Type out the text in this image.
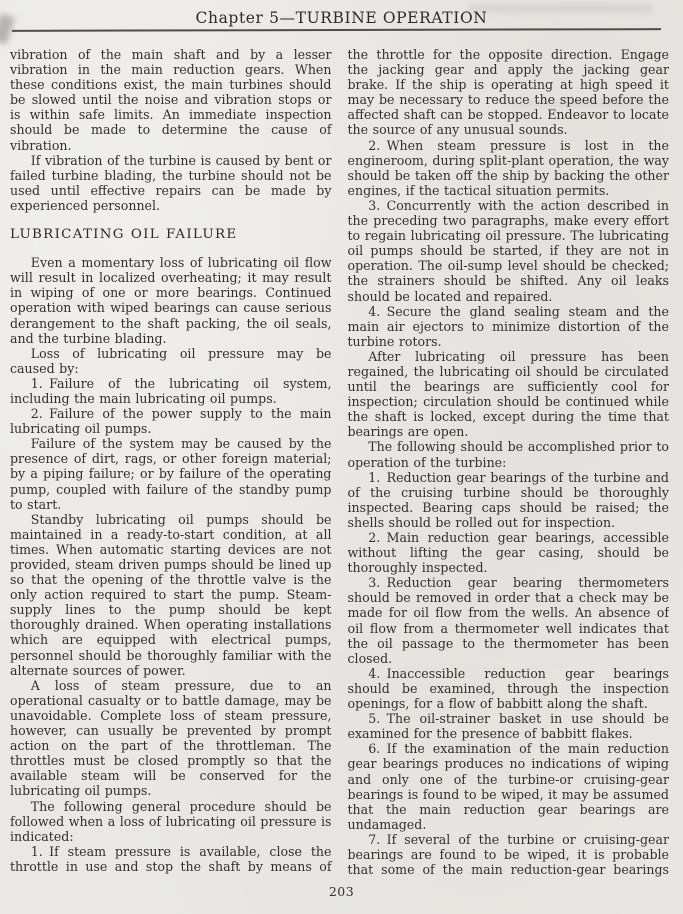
Chapter 5—TURBINE OPERATION

vibration of the main shaft and by a lesser vibration in the main reduction gears. When these conditions exist, the main turbines should be slowed until the noise and vibration stops or is within safe limits. An immediate inspection should be made to determine the cause of vibration.

If vibration of the turbine is caused by bent or failed turbine blading, the turbine should not be used until effective repairs can be made by experienced personnel.

LUBRICATING OIL FAILURE

Even a momentary loss of lubricating oil flow will result in localized overheating; it may result in wiping of one or more bearings. Continued operation with wiped bearings can cause serious derangement to the shaft packing, the oil seals, and the turbine blading.

Loss of lubricating oil pressure may be caused by:

1. Failure of the lubricating oil system, including the main lubricating oil pumps.

2. Failure of the power supply to the main lubricating oil pumps.

Failure of the system may be caused by the presence of dirt, rags, or other foreign material; by a piping failure; or by failure of the operating pump, coupled with failure of the standby pump to start.

Standby lubricating oil pumps should be maintained in a ready-to-start condition, at all times. When automatic starting devices are not provided, steam driven pumps should be lined up so that the opening of the throttle valve is the only action required to start the pump. Steam-supply lines to the pump should be kept thoroughly drained. When operating installations which are equipped with electrical pumps, personnel should be thoroughly familiar with the alternate sources of power.

A loss of steam pressure, due to an operational casualty or to battle damage, may be unavoidable. Complete loss of steam pressure, however, can usually be prevented by prompt action on the part of the throttleman. The throttles must be closed promptly so that the available steam will be conserved for the lubricating oil pumps.

The following general procedure should be followed when a loss of lubricating oil pressure is indicated:

1. If steam pressure is available, close the throttle in use and stop the shaft by means of

the throttle for the opposite direction. Engage the jacking gear and apply the jacking gear brake. If the ship is operating at high speed it may be necessary to reduce the speed before the affected shaft can be stopped. Endeavor to locate the source of any unusual sounds.

2. When steam pressure is lost in the engineroom, during split-plant operation, the way should be taken off the ship by backing the other engines, if the tactical situation permits.

3. Concurrently with the action described in the preceding two paragraphs, make every effort to regain lubricating oil pressure. The lubricating oil pumps should be started, if they are not in operation. The oil-sump level should be checked; the strainers should be shifted. Any oil leaks should be located and repaired.

4. Secure the gland sealing steam and the main air ejectors to minimize distortion of the turbine rotors.

After lubricating oil pressure has been regained, the lubricating oil should be circulated until the bearings are sufficiently cool for inspection; circulation should be continued while the shaft is locked, except during the time that bearings are open.

The following should be accomplished prior to operation of the turbine:

1. Reduction gear bearings of the turbine and of the cruising turbine should be thoroughly inspected. Bearing caps should be raised; the shells should be rolled out for inspection.

2. Main reduction gear bearings, accessible without lifting the gear casing, should be thoroughly inspected.

3. Reduction gear bearing thermometers should be removed in order that a check may be made for oil flow from the wells. An absence of oil flow from a thermometer well indicates that the oil passage to the thermometer has been closed.

4. Inaccessible reduction gear bearings should be examined, through the inspection openings, for a flow of babbitt along the shaft.

5. The oil-strainer basket in use should be examined for the presence of babbitt flakes.

6. If the examination of the main reduction gear bearings produces no indications of wiping and only one of the turbine-or cruising-gear bearings is found to be wiped, it may be assumed that the main reduction gear bearings are undamaged.

7. If several of the turbine or cruising-gear bearings are found to be wiped, it is probable that some of the main reduction-gear bearings

203
